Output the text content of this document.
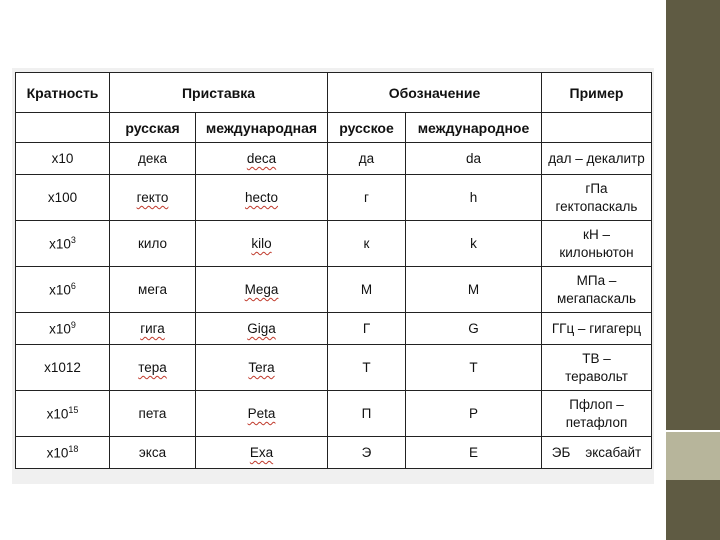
Кратность	Приставка		Обозначение		Пример
	русская	международная	русское	международное	
x10	дека	deca	да	da	дал – декалитр

x100	гекто	hecto	г	h	гПа
гектопаскаль

$x10^3$	кило	kilo	к	k	кН –
килоньютон

$x10^6$	мега	Mega	М	M	МПа –
мегапаскаль

$x10^9$	гига	Giga	Г	G	ГГц – гигагерц

x1012	тера	Tera	Т	T	ТВ –
теравольт

$x10^{15}$	пета	Peta	П	P	Пфлоп –
петафлоп

$x10^{18}$	экса	Exa	Э	E	ЭБ    эксабайт
